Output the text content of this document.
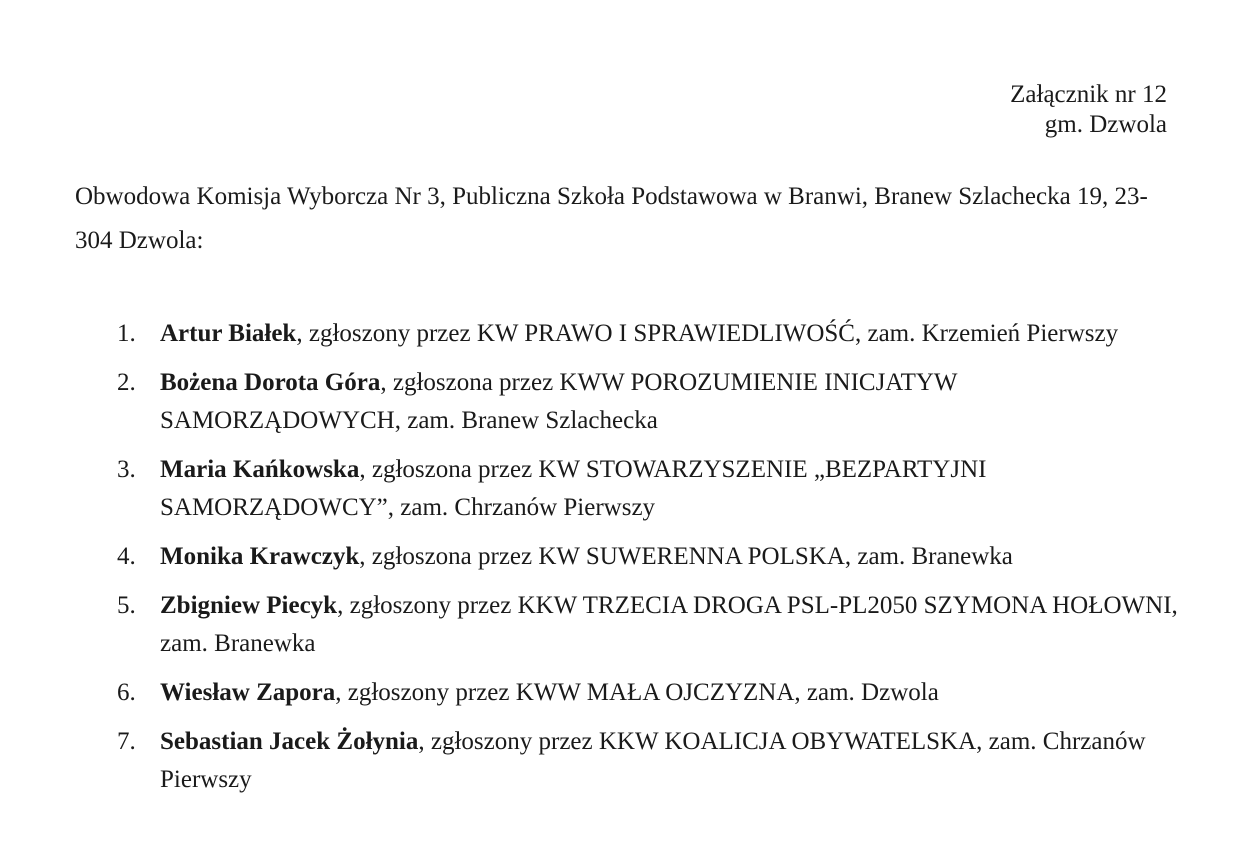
Załącznik nr 12
gm. Dzwola

Obwodowa Komisja Wyborcza Nr 3, Publiczna Szkoła Podstawowa w Branwi, Branew Szlachecka 19, 23-304 Dzwola:

1. Artur Białek, zgłoszony przez KW PRAWO I SPRAWIEDLIWOŚĆ, zam. Krzemień Pierwszy
2. Bożena Dorota Góra, zgłoszona przez KWW POROZUMIENIE INICJATYW SAMORZĄDOWYCH, zam. Branew Szlachecka
3. Maria Kańkowska, zgłoszona przez KW STOWARZYSZENIE „BEZPARTYJNI SAMORZĄDOWCY”, zam. Chrzanów Pierwszy
4. Monika Krawczyk, zgłoszona przez KW SUWERENNA POLSKA, zam. Branewka
5. Zbigniew Piecyk, zgłoszony przez KKW TRZECIA DROGA PSL-PL2050 SZYMONA HOŁOWNI, zam. Branewka
6. Wiesław Zapora, zgłoszony przez KWW MAŁA OJCZYZNA, zam. Dzwola
7. Sebastian Jacek Żołynia, zgłoszony przez KKW KOALICJA OBYWATELSKA, zam. Chrzanów Pierwszy
